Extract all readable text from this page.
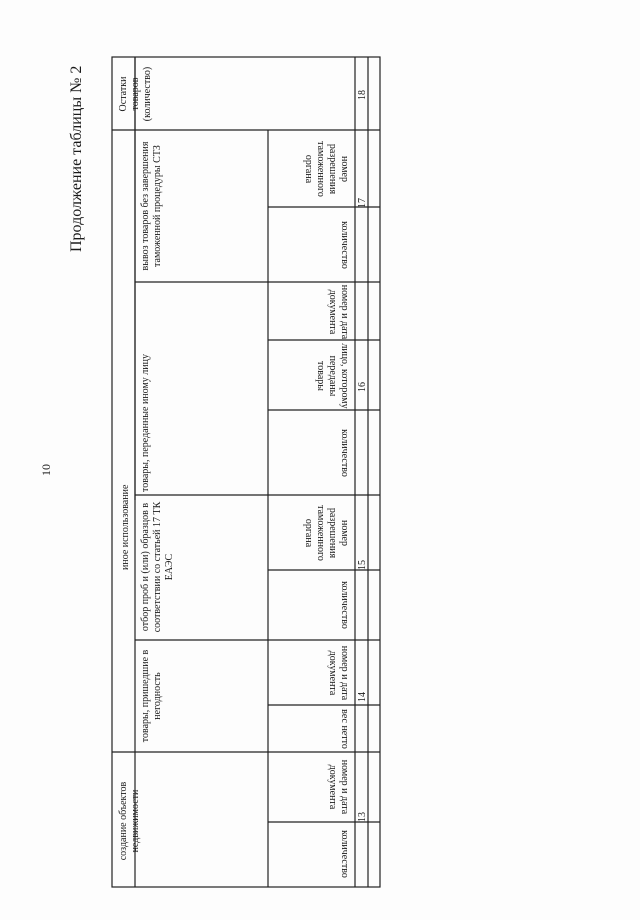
10
Продолжение таблицы № 2
иное использование
создание объектов недвижимости
товары, пришедшие в негодность
отбор проб и (или) образцов в соответствии со статьей 17 ТК ЕАЭС
товары, переданные иному лицу
вывоз товаров без завершения таможенной процедуры СТЗ
Остатки товаров (количество)
количество
номер и дата документа
вес нетто
номер и дата документа
количество
номер разрешения таможенного органа
количество
лицо, которому переданы товары
номер и дата документа
количество
номер разрешения таможенного органа
13
14
15
16
17
18
